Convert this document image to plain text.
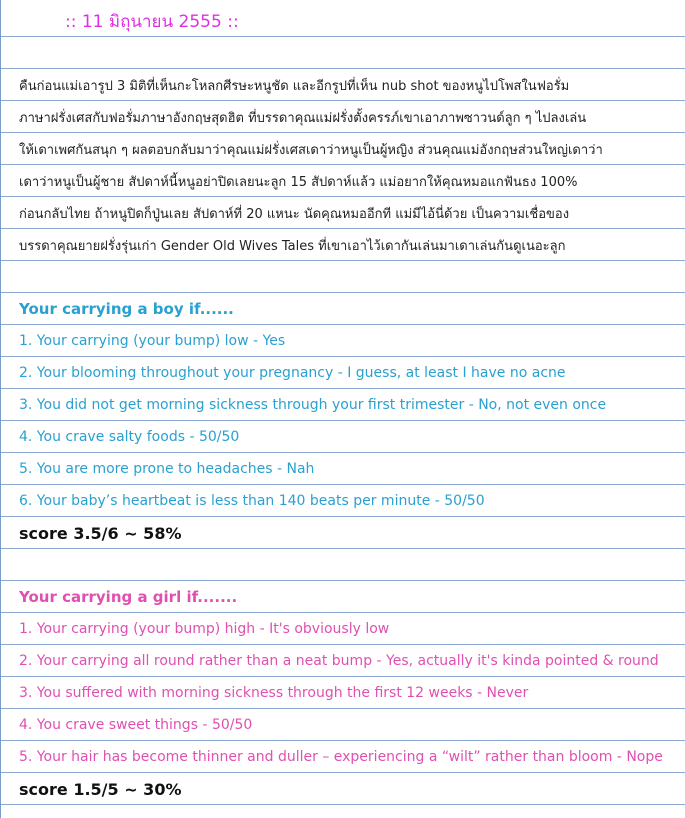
:: 11 มิถุนายน 2555 ::
คืนก่อนแม่เอารูป 3 มิติที่เห็นกะโหลกศีรษะหนูชัด และอีกรูปที่เห็น nub shot ของหนูไปโพสในฟอรั่ม
ภาษาฝรั่งเศสกับฟอรั่มภาษาอังกฤษสุดฮิต ที่บรรดาคุณแม่ฝรั่งตั้งครรภ์เขาเอาภาพซาวนด์ลูก ๆ ไปลงเล่น
ให้เดาเพศกันสนุก ๆ ผลตอบกลับมาว่าคุณแม่ฝรั่งเศสเดาว่าหนูเป็นผู้หญิง ส่วนคุณแม่อังกฤษส่วนใหญ่เดาว่า
เดาว่าหนูเป็นผู้ชาย สัปดาห์นี้หนูอย่าปิดเลยนะลูก 15 สัปดาห์แล้ว แม่อยากให้คุณหมอแกฟันธง 100%
ก่อนกลับไทย ถ้าหนูปิดก็ปู่นเลย สัปดาห์ที่ 20 แหนะ นัดคุณหมออีกที แม่มีไอ้นี่ด้วย เป็นความเชื่อของ
บรรดาคุณยายฝรั่งรุ่นเก่า Gender Old Wives Tales ที่เขาเอาไว้เดากันเล่นมาเดาเล่นกันดูเนอะลูก
Your carrying a boy if......
1. Your carrying (your bump) low - Yes
2. Your blooming throughout your pregnancy - I guess, at least I have no acne
3. You did not get morning sickness through your first trimester - No, not even once
4. You crave salty foods - 50/50
5. You are more prone to headaches - Nah
6. Your baby’s heartbeat is less than 140 beats per minute - 50/50
score 3.5/6 ~ 58%
Your carrying a girl if.......
1. Your carrying (your bump) high - It's obviously low
2. Your carrying all round rather than a neat bump - Yes, actually it's kinda pointed & round
3. You suffered with morning sickness through the first 12 weeks - Never
4. You crave sweet things - 50/50
5. Your hair has become thinner and duller – experiencing a “wilt” rather than bloom - Nope
score 1.5/5 ~ 30%
